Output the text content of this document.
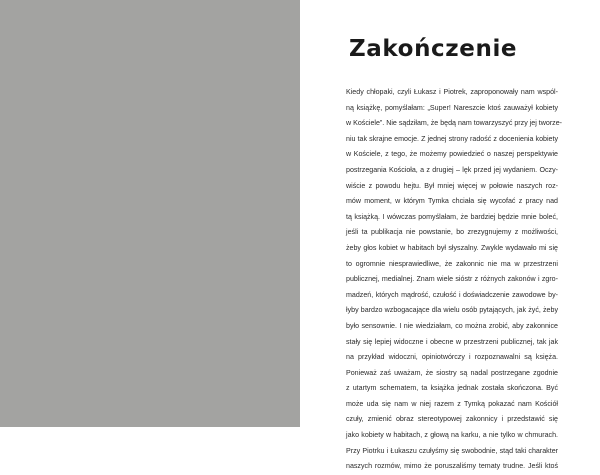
Zakończenie
Kiedy chłopaki, czyli Łukasz i Piotrek, zaproponowały nam wspól-
ną książkę, pomyślałam: „Super! Nareszcie ktoś zauważył kobiety
w Kościele”. Nie sądziłam, że będą nam towarzyszyć przy jej tworze-
niu tak skrajne emocje. Z jednej strony radość z docenienia kobiety
w Kościele, z tego, że możemy powiedzieć o naszej perspektywie
postrzegania Kościoła, a z drugiej – lęk przed jej wydaniem. Oczy-
wiście z powodu hejtu. Był mniej więcej w połowie naszych roz-
mów moment, w którym Tymka chciała się wycofać z pracy nad
tą książką. I wówczas pomyślałam, że bardziej będzie mnie boleć,
jeśli ta publikacja nie powstanie, bo zrezygnujemy z możliwości,
żeby głos kobiet w habitach był słyszalny. Zwykle wydawało mi się
to ogromnie niesprawiedliwe, że zakonnic nie ma w przestrzeni
publicznej, medialnej. Znam wiele sióstr z różnych zakonów i zgro-
madzeń, których mądrość, czułość i doświadczenie zawodowe by-
łyby bardzo wzbogacające dla wielu osób pytających, jak żyć, żeby
było sensownie. I nie wiedziałam, co można zrobić, aby zakonnice
stały się lepiej widoczne i obecne w przestrzeni publicznej, tak jak
na przykład widoczni, opiniotwórczy i rozpoznawalni są księża.
Ponieważ zaś uważam, że siostry są nadal postrzegane zgodnie
z utartym schematem, ta książka jednak została skończona. Być
może uda się nam w niej razem z Tymką pokazać nam Kościół
czuły, zmienić obraz stereotypowej zakonnicy i przedstawić się
jako kobiety w habitach, z głową na karku, a nie tylko w chmurach.
Przy Piotrku i Łukaszu czułyśmy się swobodnie, stąd taki charakter
naszych rozmów, mimo że poruszaliśmy tematy trudne. Jeśli ktoś
